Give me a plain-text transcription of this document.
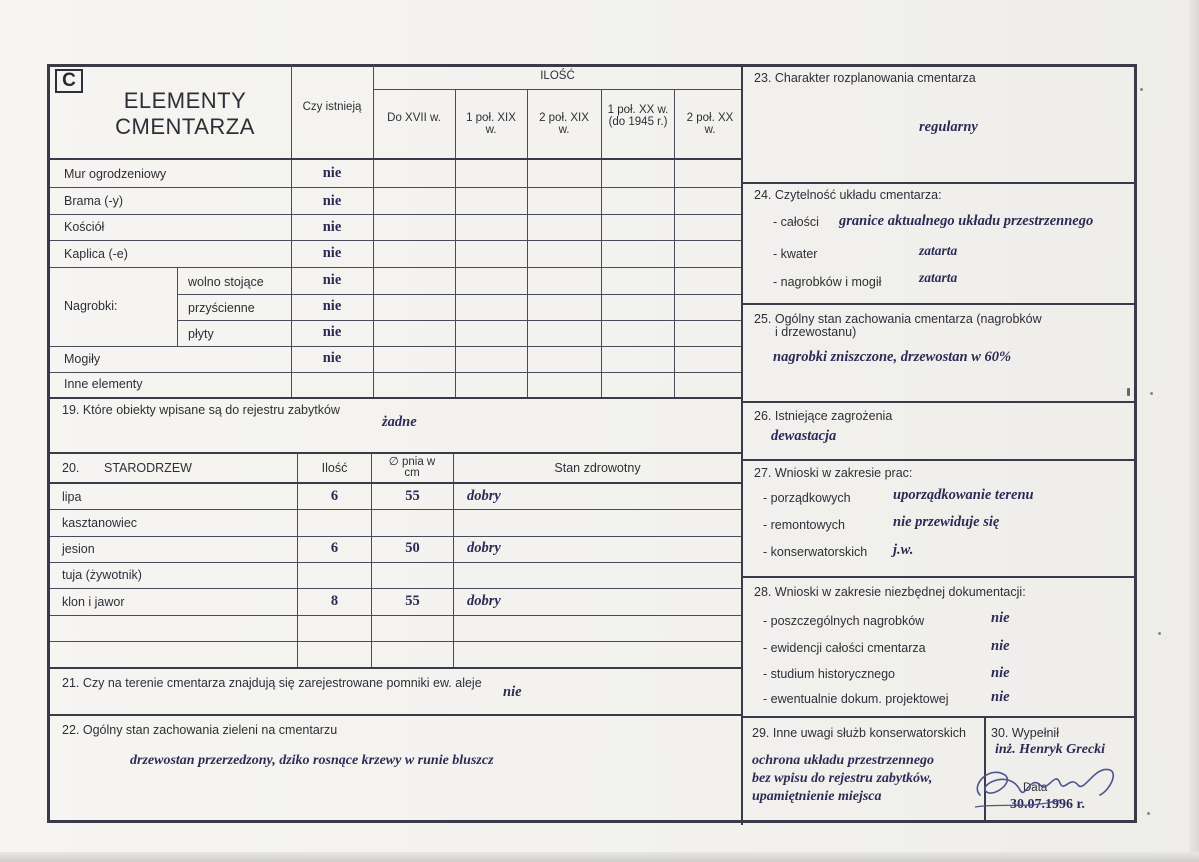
C
ELEMENTY CMENTARZA
Czy istnieją
ILOŚĆ
Do XVII w.	1 poł. XIX w.
2 poł. XIX w.
1 poł. XX w. (do 1945 r.)	2 poł. XX w.
Mur ogrodzeniowy	nie
Brama (-y)	nie
Kościół	nie
Kaplica (-e)	nie
Nagrobki:
wolno stojące	nie
przyścienne	nie
płyty	nie
Mogiły	nie
Inne elementy
19. Które obiekty wpisane są do rejestru zabytków
żadne
20. STARODRZEW	Ilość	∅ pnia w cm	Stan zdrowotny
lipa	6	55	dobry
kasztanowiec
jesion	6	50	dobry
tuja (żywotnik)
klon i jawor	8	55	dobry
21. Czy na terenie cmentarza znajdują się zarejestrowane pomniki ew. aleje
nie
22. Ogólny stan zachowania zieleni na cmentarzu
drzewostan przerzedzony, dziko rosnące krzewy w runie bluszcz
23. Charakter rozplanowania cmentarza
regularny
24. Czytelność układu cmentarza:
- całości granice aktualnego układu przestrzennego
- kwater	zatarta
- nagrobków i mogił	zatarta
25. Ogólny stan zachowania cmentarza (nagrobków
i drzewostanu)
nagrobki zniszczone, drzewostan w 60%
26. Istniejące zagrożenia
dewastacja
27. Wnioski w zakresie prac:
- porządkowych	uporządkowanie terenu
- remontowych	nie przewiduje się
- konserwatorskich j.w.
28. Wnioski w zakresie niezbędnej dokumentacji:
- poszczególnych nagrobków	nie
- ewidencji całości cmentarza	nie
- studium historycznego	nie
- ewentualnie dokum. projektowej	nie
29. Inne uwagi służb konserwatorskich
ochrona układu przestrzennego
bez wpisu do rejestru zabytków,
upamiętnienie miejsca
30. Wypełnił
inż. Henryk Grecki
Data
30.07.1996 r.
